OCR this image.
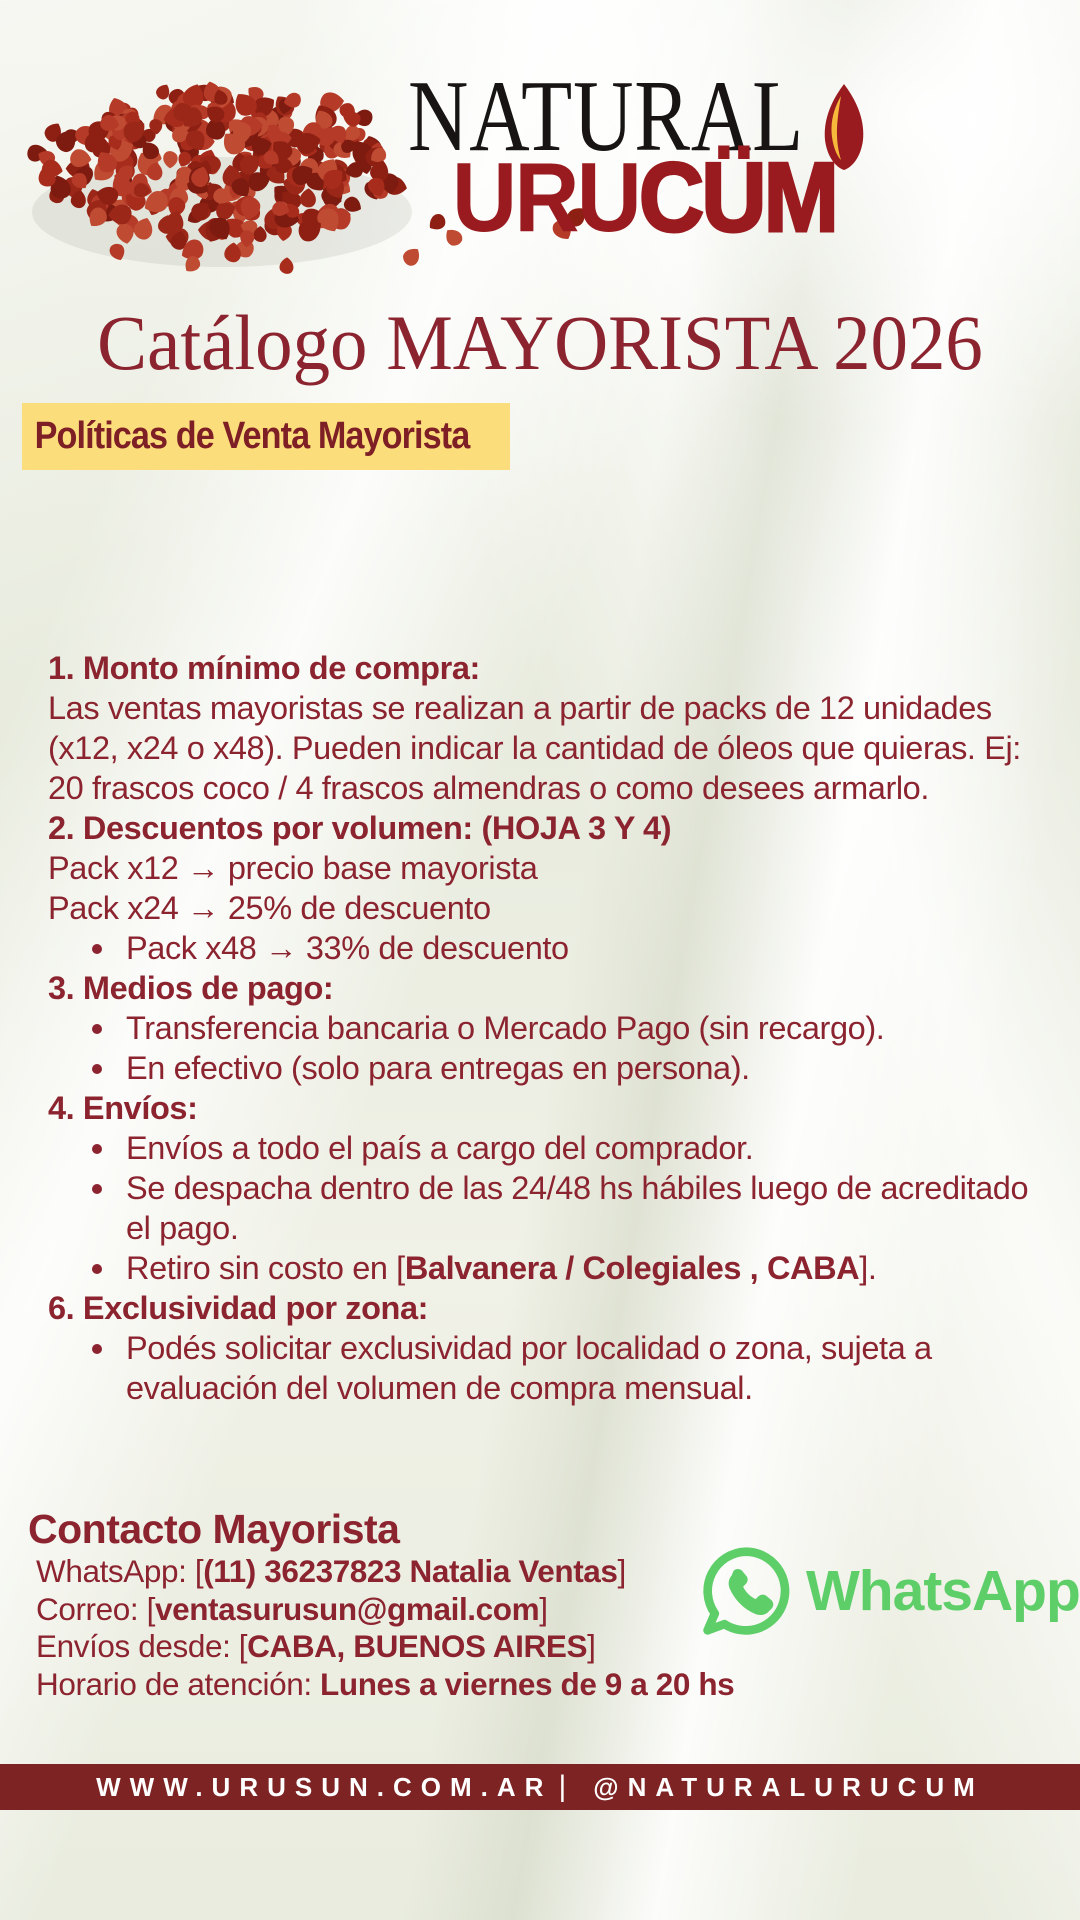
NATURAL
URUCÜM
Catálogo MAYORISTA 2026
Políticas de Venta Mayorista
1. Monto mínimo de compra:
Las ventas mayoristas se realizan a partir de packs de 12 unidades (x12, x24 o x48). Pueden indicar la cantidad de óleos que quieras. Ej: 20 frascos coco / 4 frascos almendras o como desees armarlo.
2. Descuentos por volumen: (HOJA 3 Y 4)
Pack x12 → precio base mayorista
Pack x24 → 25% de descuento
Pack x48 → 33% de descuento
3. Medios de pago:
Transferencia bancaria o Mercado Pago (sin recargo).
En efectivo (solo para entregas en persona).
4. Envíos:
Envíos a todo el país a cargo del comprador.
Se despacha dentro de las 24/48 hs hábiles luego de acreditado el pago.
Retiro sin costo en [Balvanera / Colegiales , CABA].
6. Exclusividad por zona:
Podés solicitar exclusividad por localidad o zona, sujeta a evaluación del volumen de compra mensual.
Contacto Mayorista
WhatsApp: [(11) 36237823 Natalia Ventas]
Correo: [ventasurusun@gmail.com]
Envíos desde: [CABA, BUENOS AIRES]
Horario de atención: Lunes a viernes de 9 a 20 hs
WhatsApp
WWW.URUSUN.COM.AR | @NATURALURUCUM
